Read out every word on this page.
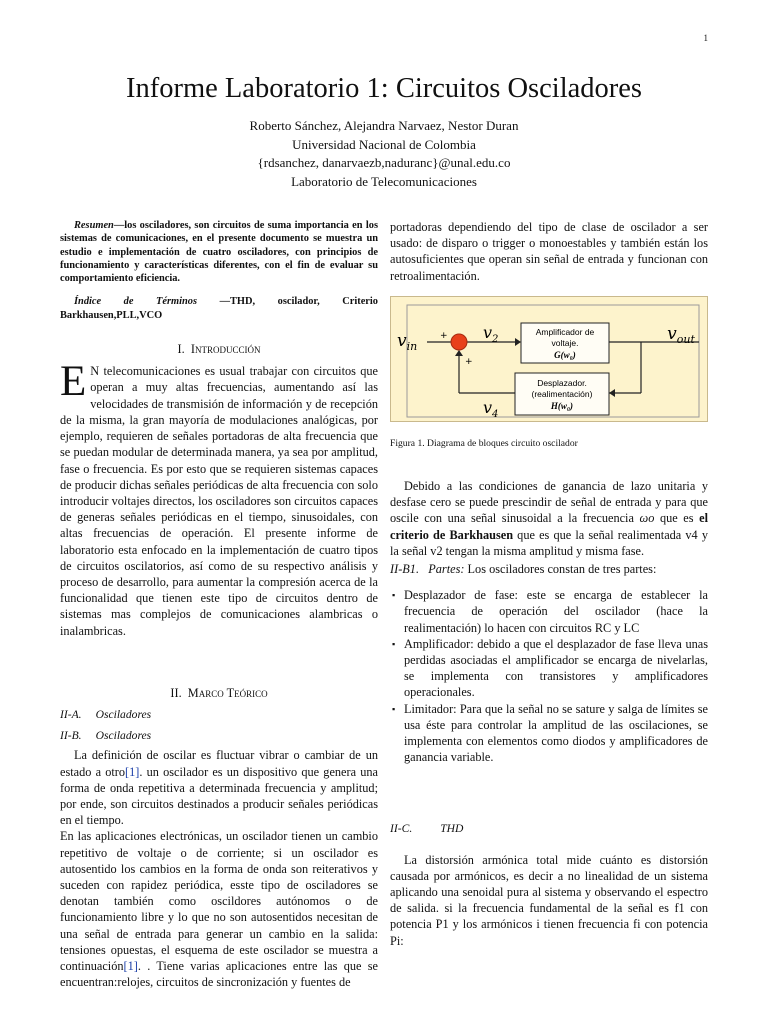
1
Informe Laboratorio 1: Circuitos Osciladores
Roberto Sánchez, Alejandra Narvaez, Nestor Duran
Universidad Nacional de Colombia
{rdsanchez, danarvaezb,naduranc}@unal.edu.co
Laboratorio de Telecomunicaciones

Resumen—los osciladores, son circuitos de suma importancia en los sistemas de comunicaciones, en el presente documento se muestra un estudio e implementación de cuatro osciladores, con principios de funcionamiento y características diferentes, con el fin de evaluar su comportamiento eficiencia.

Índice de Términos —THD, oscilador, Criterio Barkhausen,PLL,VCO

I. Introducción

E N telecomunicaciones es usual trabajar con circuitos que operan a muy altas frecuencias, aumentando así las velocidades de transmisión de información y de recepción de la misma, la gran mayoría de modulaciones analógicas, por ejemplo, requieren de señales portadoras de alta frecuencia que se puedan modular de determinada manera, ya sea por amplitud, fase o frecuencia. Es por esto que se requieren sistemas capaces de producir dichas señales periódicas de alta frecuencia con solo introducir voltajes directos, los osciladores son circuitos capaces de generas señales periódicas en el tiempo, sinusoidales, con altas frecuencias de operación. El presente informe de laboratorio esta enfocado en la implementación de cuatro tipos de circuitos oscilatorios, así como de su respectivo análisis y proceso de desarrollo, para aumentar la compresión acerca de la funcionalidad que tienen este tipo de circuitos dentro de sistemas mas complejos de comunicaciones alambricas o inalambricas.

II. Marco Teórico
II-A. Osciladores
II-B. Osciladores

La definición de oscilar es fluctuar vibrar o cambiar de un estado a otro[1]. un oscilador es un dispositivo que genera una forma de onda repetitiva a determinada frecuencia y amplitud; por ende, son circuitos destinados a producir señales periódicas en el tiempo.

En las aplicaciones electrónicas, un oscilador tienen un cambio repetitivo de voltaje o de corriente; si un oscilador es autosentido los cambios en la forma de onda son reiterativos y suceden con rapidez periódica, esste tipo de osciladores se denotan también como oscildores autónomos o de funcionamiento libre y lo que no son autosentidos necesitan de una señal de entrada para generar un cambio en la salida: tensiones opuestas, el esquema de este oscilador se muestra a continuación[1]. . Tiene varias aplicaciones entre las que se encuentran:relojes, circuitos de sincronización y fuentes de

portadoras dependiendo del tipo de clase de oscilador a ser usado: de disparo o trigger o monoestables y también están los autosuficientes que operan sin señal de entrada y funcionan con retroalimentación.

$v_{in}$
+
+
$v_2$
$v_4$
$v_{out}$
Amplificador de
voltaje.
G(w₀)
Desplazador.
(realimentación)
H(w₀)
Figura 1. Diagrama de bloques circuito oscilador

Debido a las condiciones de ganancia de lazo unitaria y desfase cero se puede prescindir de señal de entrada y para que oscile con una señal sinusoidal a la frecuencia ωo que es el criterio de Barkhausen que es que la señal realimentada v4 y la señal v2 tengan la misma amplitud y misma fase.

II-B1. Partes: Los osciladores constan de tres partes:

▪ Desplazador de fase: este se encarga de establecer la frecuencia de operación del oscilador (hace la realimentación) lo hacen con circuitos RC y LC
▪ Amplificador: debido a que el desplazador de fase lleva unas perdidas asociadas el amplificador se encarga de nivelarlas, se implementa con transistores y amplificadores operacionales.
▪ Limitador: Para que la señal no se sature y salga de límites se usa éste para controlar la amplitud de las oscilaciones, se implementa con elementos como diodos y amplificadores de ganancia variable.
II-C. THD

La distorsión armónica total mide cuánto es distorsión causada por armónicos, es decir a no linealidad de un sistema aplicando una senoidal pura al sistema y observando el espectro de salida. si la frecuencia fundamental de la señal es f1 con potencia P1 y los armónicos i tienen frecuencia fi con potencia Pi:
